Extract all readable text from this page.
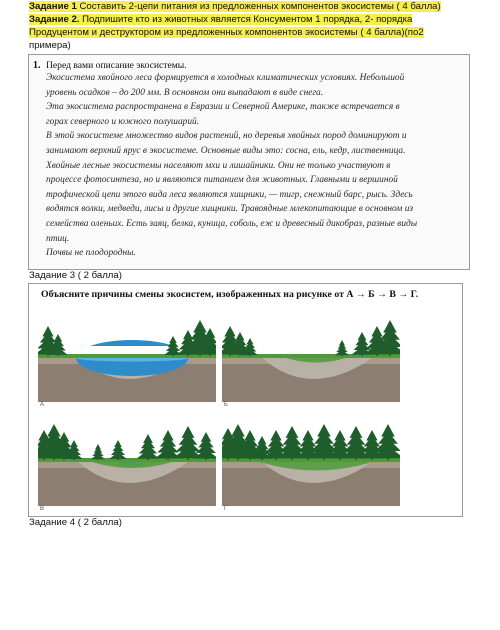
Задание 1 Составить 2-цепи питания из предложенных компонентов экосистемы ( 4 балла)
Задание 2. Подпишите кто из животных является Консументом 1 порядка, 2- порядка
Продуцентом и деструктором из предложенных компонентов экосистемы ( 4 балла)(по2
примера)
1. Перед вами описание экосистемы.
Экосистема хвойного леса формируется в холодных климатических условиях. Небольшой
уровень осадков – до 200 мм. В основном они выпадают в виде снега.
Эта экосистема распространена в Евразии и Северной Америке, также встречается в
горах северного и южного полушарий.
В этой экосистеме множество видов растений, но деревья хвойных пород доминируют и
занимают верхний ярус в экосистеме. Основные виды это: сосна, ель, кедр, лиственница.
Хвойные лесные экосистемы населяют мхи и лишайники. Они не только участвуют в
процессе фотосинтеза, но и являются питанием для животных. Главными и вершиной
трофической цепи этого вида леса являются хищники, — тигр, снежный барс, рысь. Здесь
водятся волки, медведи, лисы и другие хищники. Травоядные млекопитающие в основном из
семейства оленьих. Есть заяц, белка, куница, соболь, еж и древесный дикобраз, разные виды
птиц.
Почвы не плодородны.
Задание 3 ( 2 балла)
Объясните причины смены экосистем, изображенных на рисунке от А → Б → В → Г.
А	Б
В	Г
Задание 4 ( 2 балла)
